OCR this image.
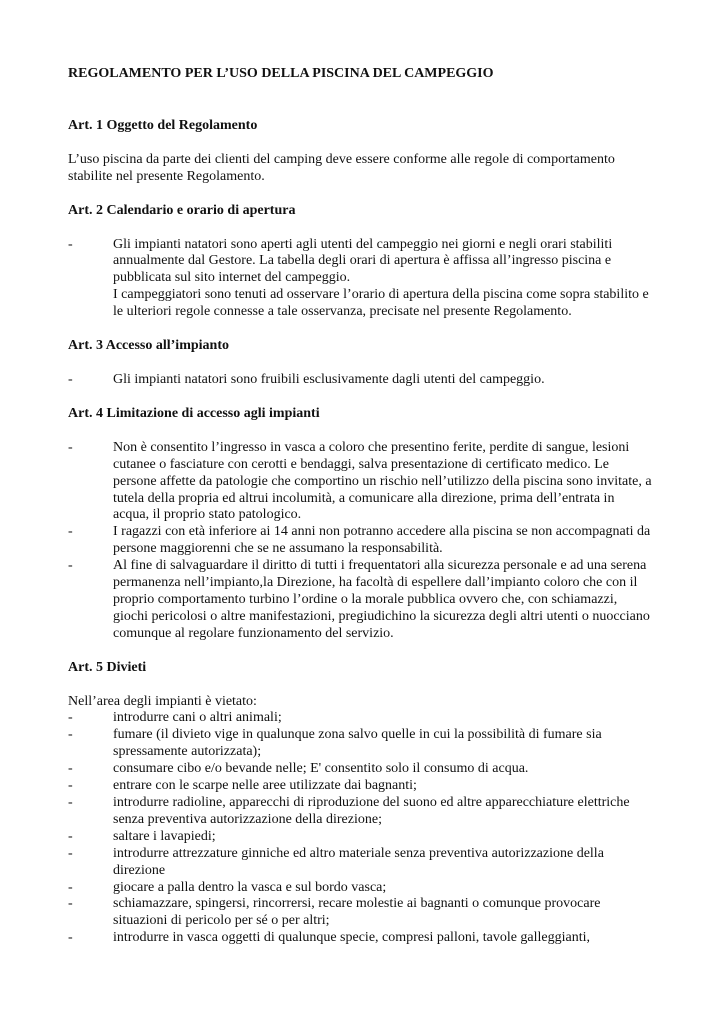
REGOLAMENTO PER L’USO DELLA PISCINA DEL CAMPEGGIO

Art. 1 Oggetto del Regolamento

L’uso piscina da parte dei clienti del camping deve essere conforme alle regole di comportamento stabilite nel presente Regolamento.

Art. 2 Calendario e orario di apertura

-	Gli impianti natatori sono aperti agli utenti del campeggio nei giorni e negli orari stabiliti annualmente dal Gestore. La tabella degli orari di apertura è affissa all’ingresso piscina e pubblicata sul sito internet del campeggio.

I campeggiatori sono tenuti ad osservare l’orario di apertura della piscina come sopra stabilito e le ulteriori regole connesse a tale osservanza, precisate nel presente Regolamento.

Art. 3 Accesso all’impianto

-	Gli impianti natatori sono fruibili esclusivamente dagli utenti del campeggio.

Art. 4 Limitazione di accesso agli impianti

-	Non è consentito l’ingresso in vasca a coloro che presentino ferite, perdite di sangue, lesioni cutanee o fasciature con cerotti e bendaggi, salva presentazione di certificato medico. Le persone affette da patologie che comportino un rischio nell’utilizzo della piscina sono invitate, a tutela della propria ed altrui incolumità, a comunicare alla direzione, prima dell’entrata in acqua, il proprio stato patologico.

-	I ragazzi con età inferiore ai 14 anni non potranno accedere alla piscina se non accompagnati da persone maggiorenni che se ne assumano la responsabilità.

-	Al fine di salvaguardare il diritto di tutti i frequentatori alla sicurezza personale e ad una serena permanenza nell’impianto,la Direzione, ha facoltà di espellere dall’impianto coloro che con il proprio comportamento turbino l’ordine o la morale pubblica ovvero che, con schiamazzi, giochi pericolosi o altre manifestazioni, pregiudichino la sicurezza degli altri utenti o nuocciano comunque al regolare funzionamento del servizio.

Art. 5 Divieti

Nell’area degli impianti è vietato:

-	introdurre cani o altri animali;

-	fumare (il divieto vige in qualunque zona salvo quelle in cui la possibilità di fumare sia spressamente autorizzata);

-	consumare cibo e/o bevande nelle; E' consentito solo il consumo di acqua.

-	entrare con le scarpe nelle aree utilizzate dai bagnanti;

-	introdurre radioline, apparecchi di riproduzione del suono ed altre apparecchiature elettriche senza preventiva autorizzazione della direzione;

-	saltare i lavapiedi;

-	introdurre attrezzature ginniche ed altro materiale senza preventiva autorizzazione della direzione

-	giocare a palla dentro la vasca e sul bordo vasca;

-	schiamazzare, spingersi, rincorrersi, recare molestie ai bagnanti o comunque provocare situazioni di pericolo per sé o per altri;

-	introdurre in vasca oggetti di qualunque specie, compresi palloni, tavole galleggianti,
